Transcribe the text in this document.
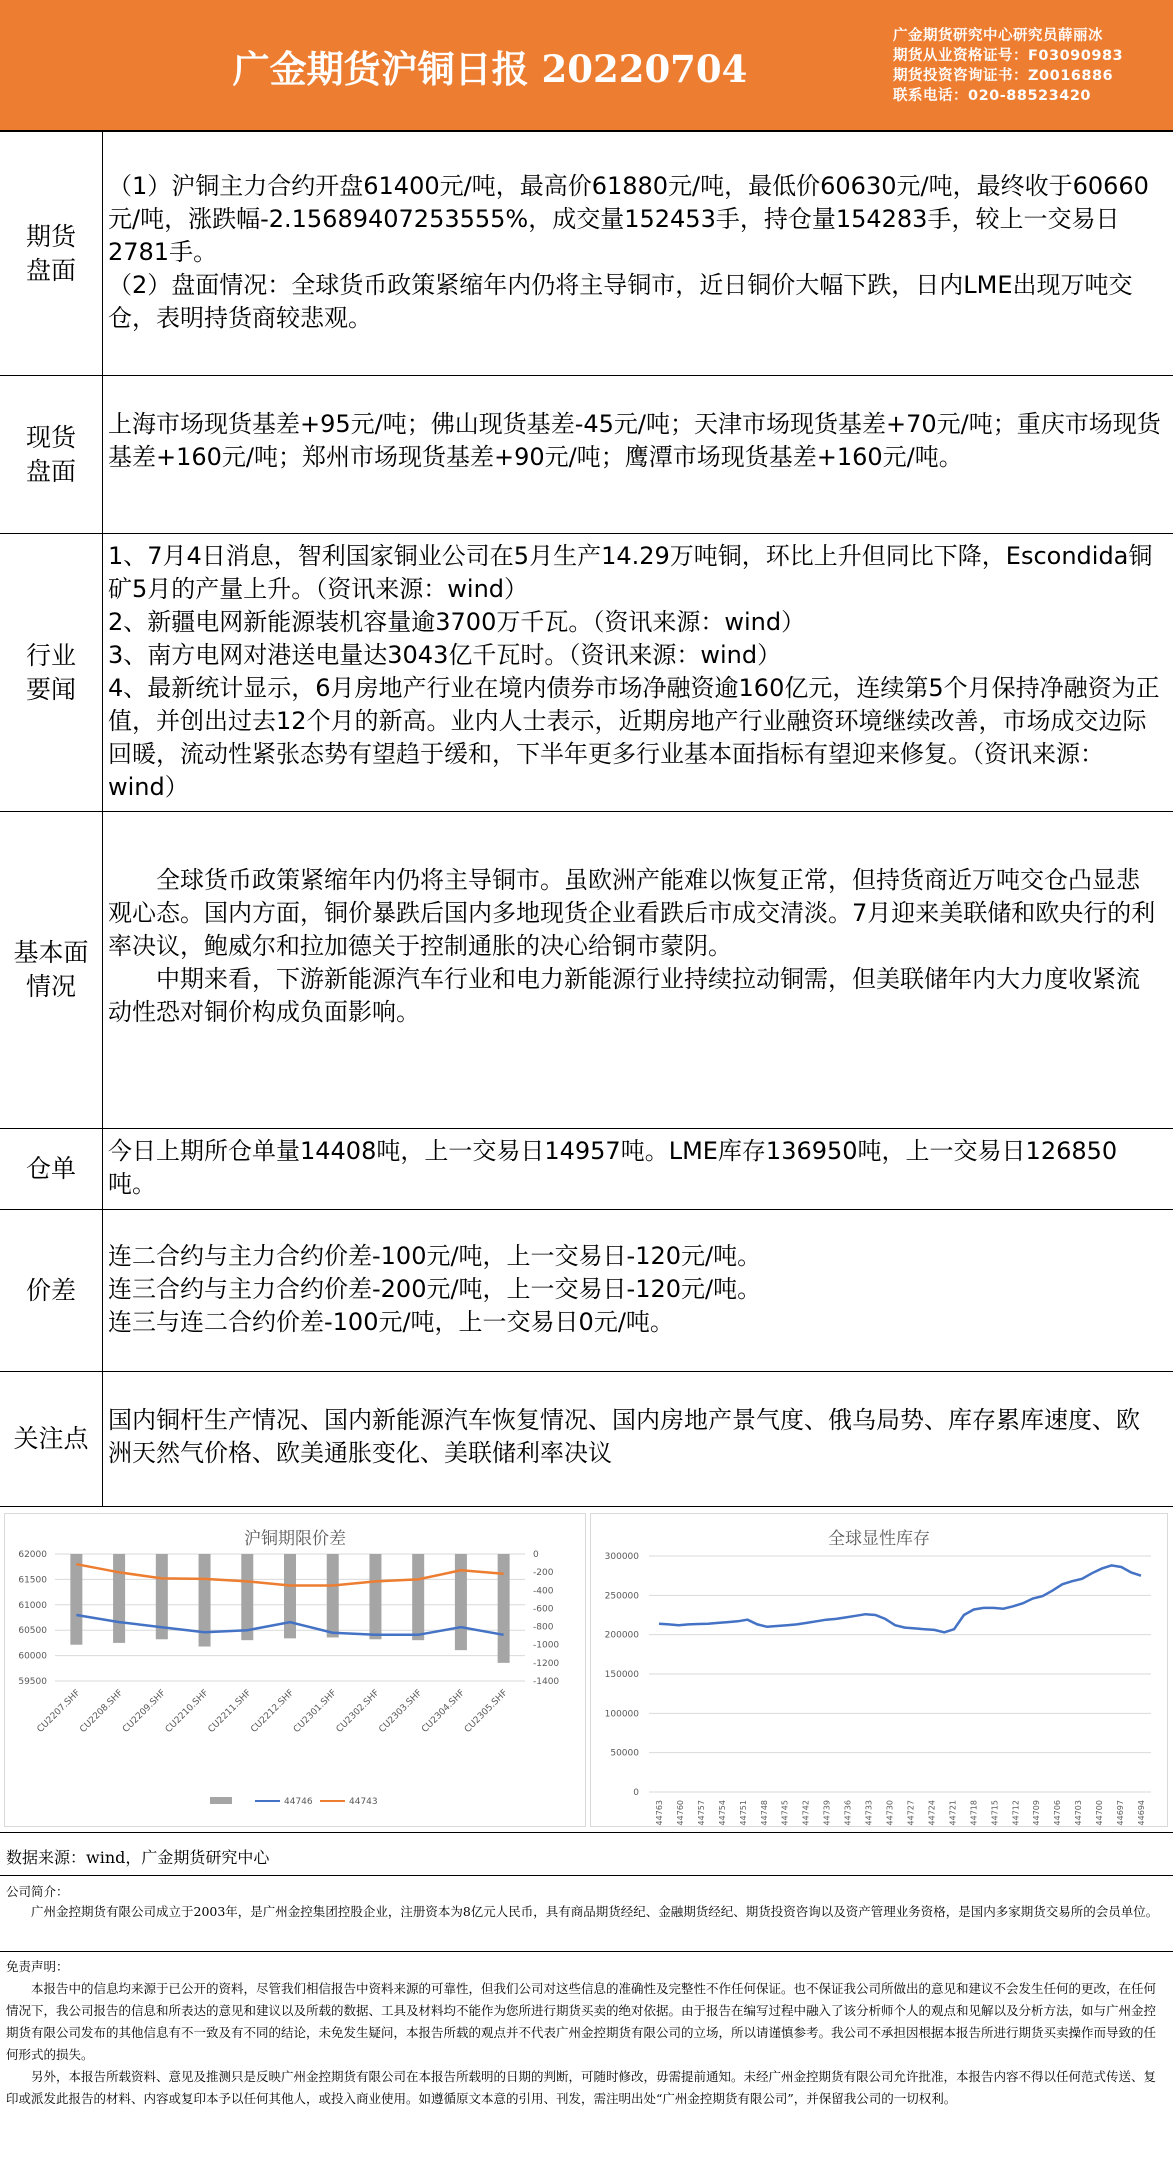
广金期货沪铜日报 20220704
广金期货研究中心研究员薛丽冰
期货从业资格证号：F03090983
期货投资咨询证书：Z0016886
联系电话：020-88523420
期货盘面

（1）沪铜主力合约开盘61400元/吨，最高价61880元/吨，最低价60630元/吨，最终收于60660元/吨，涨跌幅-2.15689407253555%，成交量152453手，持仓量154283手，较上一交易日2781手。

（2）盘面情况：全球货币政策紧缩年内仍将主导铜市，近日铜价大幅下跌，日内LME出现万吨交仓，表明持货商较悲观。

现货盘面

上海市场现货基差+95元/吨；佛山现货基差-45元/吨；天津市场现货基差+70元/吨；重庆市场现货基差+160元/吨；郑州市场现货基差+90元/吨；鹰潭市场现货基差+160元/吨。

行业要闻

1、7月4日消息，智利国家铜业公司在5月生产14.29万吨铜，环比上升但同比下降，Escondida铜矿5月的产量上升。（资讯来源：wind）

2、新疆电网新能源装机容量逾3700万千瓦。（资讯来源：wind）

3、南方电网对港送电量达3043亿千瓦时。（资讯来源：wind）

4、最新统计显示，6月房地产行业在境内债券市场净融资逾160亿元，连续第5个月保持净融资为正值，并创出过去12个月的新高。业内人士表示，近期房地产行业融资环境继续改善，市场成交边际回暖，流动性紧张态势有望趋于缓和，下半年更多行业基本面指标有望迎来修复。（资讯来源：wind）

基本面情况

全球货币政策紧缩年内仍将主导铜市。虽欧洲产能难以恢复正常，但持货商近万吨交仓凸显悲观心态。国内方面，铜价暴跌后国内多地现货企业看跌后市成交清淡。7月迎来美联储和欧央行的利率决议，鲍威尔和拉加德关于控制通胀的决心给铜市蒙阴。

中期来看，下游新能源汽车行业和电力新能源行业持续拉动铜需，但美联储年内大力度收紧流动性恐对铜价构成负面影响。

仓单

今日上期所仓单量14408吨，上一交易日14957吨。LME库存136950吨，上一交易日126850吨。

价差

连二合约与主力合约价差-100元/吨，上一交易日-120元/吨。

连三合约与主力合约价差-200元/吨，上一交易日-120元/吨。

连三与连二合约价差-100元/吨，上一交易日0元/吨。

关注点

国内铜杆生产情况、国内新能源汽车恢复情况、国内房地产景气度、俄乌局势、库存累库速度、欧洲天然气价格、欧美通胀变化、美联储利率决议

沪铜期限价差
59500
60000
60500
61000
61500
62000	0
-200
-400
-600
-800
-1000
-1200
-1400
CU2207.SHF
CU2208.SHF
CU2209.SHF
CU2210.SHF
CU2211.SHF
CU2212.SHF
CU2301.SHF
CU2302.SHF
CU2303.SHF
CU2304.SHF
CU2305.SHF
44746	44743
全球显性库存
0
50000
100000
150000
200000
250000
300000
44763 44760 44757 44754 44751 44748 44745 44742 44739 44736 44733 44730 44727 44724 44721 44718 44715 44712 44709 44706 44703 44700 44697 44694
数据来源：wind，广金期货研究中心

公司简介：

广州金控期货有限公司成立于2003年，是广州金控集团控股企业，注册资本为8亿元人民币，具有商品期货经纪、金融期货经纪、期货投资咨询以及资产管理业务资格，是国内多家期货交易所的会员单位。

免责声明：

本报告中的信息均来源于已公开的资料，尽管我们相信报告中资料来源的可靠性，但我们公司对这些信息的准确性及完整性不作任何保证。也不保证我公司所做出的意见和建议不会发生任何的更改，在任何情况下，我公司报告的信息和所表达的意见和建议以及所载的数据、工具及材料均不能作为您所进行期货买卖的绝对依据。由于报告在编写过程中融入了该分析师个人的观点和见解以及分析方法，如与广州金控期货有限公司发布的其他信息有不一致及有不同的结论，未免发生疑问，本报告所载的观点并不代表广州金控期货有限公司的立场，所以请谨慎参考。我公司不承担因根据本报告所进行期货买卖操作而导致的任何形式的损失。

另外，本报告所载资料、意见及推测只是反映广州金控期货有限公司在本报告所载明的日期的判断，可随时修改，毋需提前通知。未经广州金控期货有限公司允许批准，本报告内容不得以任何范式传送、复印或派发此报告的材料、内容或复印本予以任何其他人，或投入商业使用。如遵循原文本意的引用、刊发，需注明出处“广州金控期货有限公司”，并保留我公司的一切权利。
